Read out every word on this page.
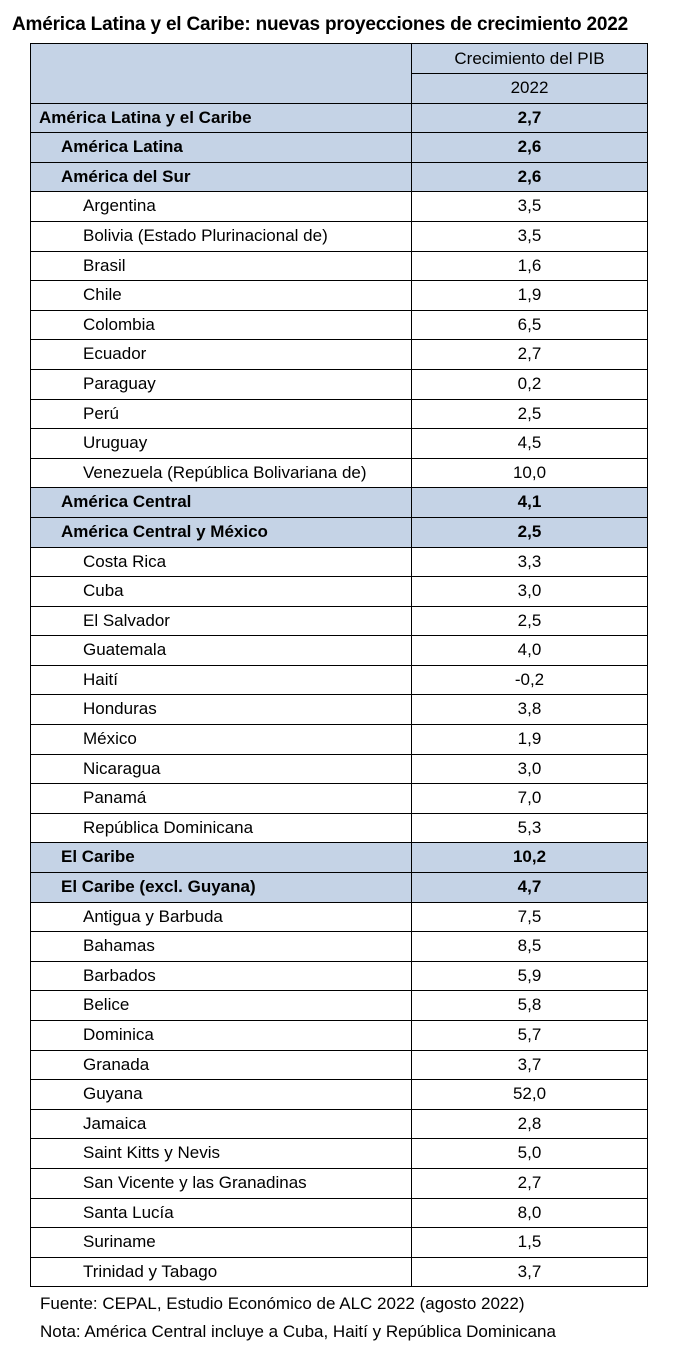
América Latina y el Caribe: nuevas proyecciones de crecimiento 2022
	Crecimiento del PIB
	2022
América Latina y el Caribe	2,7
América Latina	2,6
América del Sur	2,6
Argentina	3,5
Bolivia (Estado Plurinacional de)	3,5
Brasil	1,6
Chile	1,9
Colombia	6,5
Ecuador	2,7
Paraguay	0,2
Perú	2,5
Uruguay	4,5
Venezuela (República Bolivariana de)	10,0
América Central	4,1
América Central y México	2,5
Costa Rica	3,3
Cuba	3,0
El Salvador	2,5
Guatemala	4,0
Haití	-0,2
Honduras	3,8
México	1,9
Nicaragua	3,0
Panamá	7,0
República Dominicana	5,3
El Caribe	10,2
El Caribe (excl. Guyana)	4,7
Antigua y Barbuda	7,5
Bahamas	8,5
Barbados	5,9
Belice	5,8
Dominica	5,7
Granada	3,7
Guyana	52,0
Jamaica	2,8
Saint Kitts y Nevis	5,0
San Vicente y las Granadinas	2,7
Santa Lucía	8,0
Suriname	1,5
Trinidad y Tabago	3,7
Fuente: CEPAL, Estudio Económico de ALC 2022 (agosto 2022)
Nota: América Central incluye a Cuba, Haití y República Dominicana
